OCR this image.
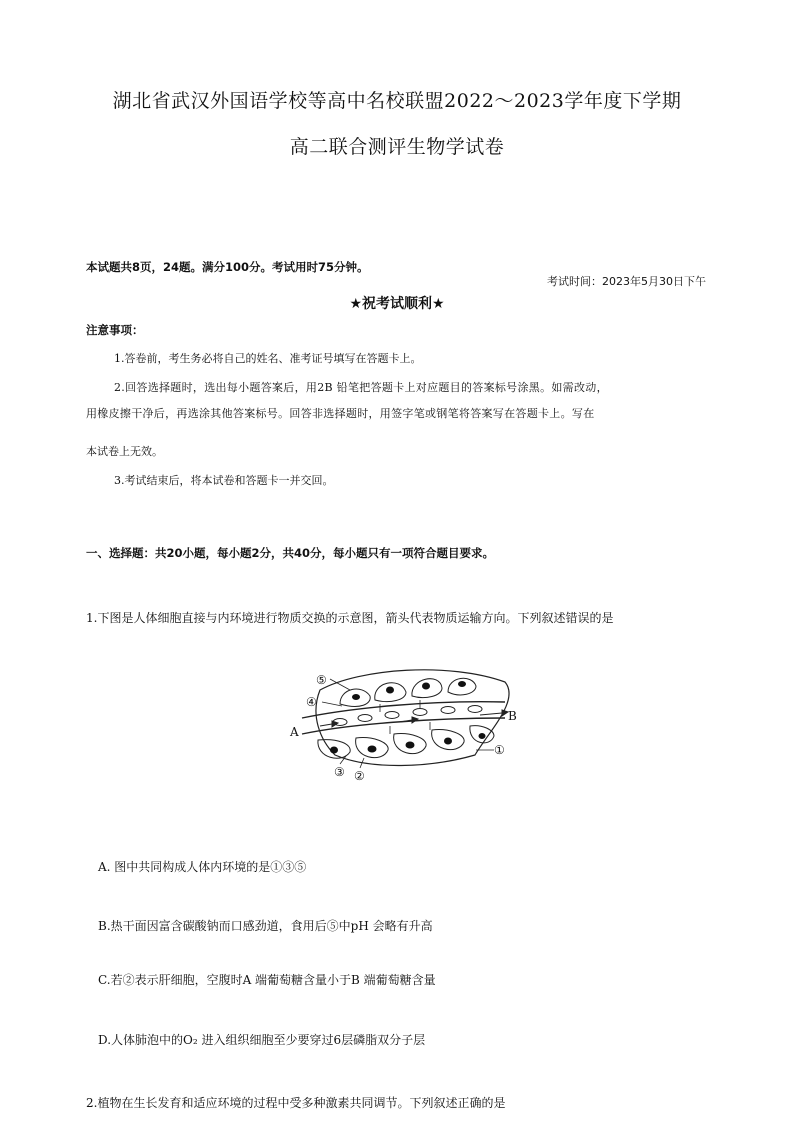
湖北省武汉外国语学校等高中名校联盟2022～2023学年度下学期
高二联合测评生物学试卷
本试题共8页，24题。满分100分。考试用时75分钟。
考试时间：2023年5月30日下午
★祝考试顺利★
注意事项：
1.答卷前，考生务必将自己的姓名、准考证号填写在答题卡上。
2.回答选择题时，选出每小题答案后，用2B 铅笔把答题卡上对应题目的答案标号涂黑。如需改动，
用橡皮擦干净后，再选涂其他答案标号。回答非选择题时，用签字笔或钢笔将答案写在答题卡上。写在
本试卷上无效。
3.考试结束后，将本试卷和答题卡一并交回。
一、选择题：共20小题，每小题2分，共40分，每小题只有一项符合题目要求。
1.下图是人体细胞直接与内环境进行物质交换的示意图，箭头代表物质运输方向。下列叙述错误的是
⑤
④
A
B
①
③ ②
A. 图中共同构成人体内环境的是①③⑤
B.热干面因富含碳酸钠而口感劲道，食用后⑤中pH 会略有升高
C.若②表示肝细胞，空腹时A 端葡萄糖含量小于B 端葡萄糖含量
D.人体肺泡中的O₂ 进入组织细胞至少要穿过6层磷脂双分子层
2.植物在生长发育和适应环境的过程中受多种激素共同调节。下列叙述正确的是
